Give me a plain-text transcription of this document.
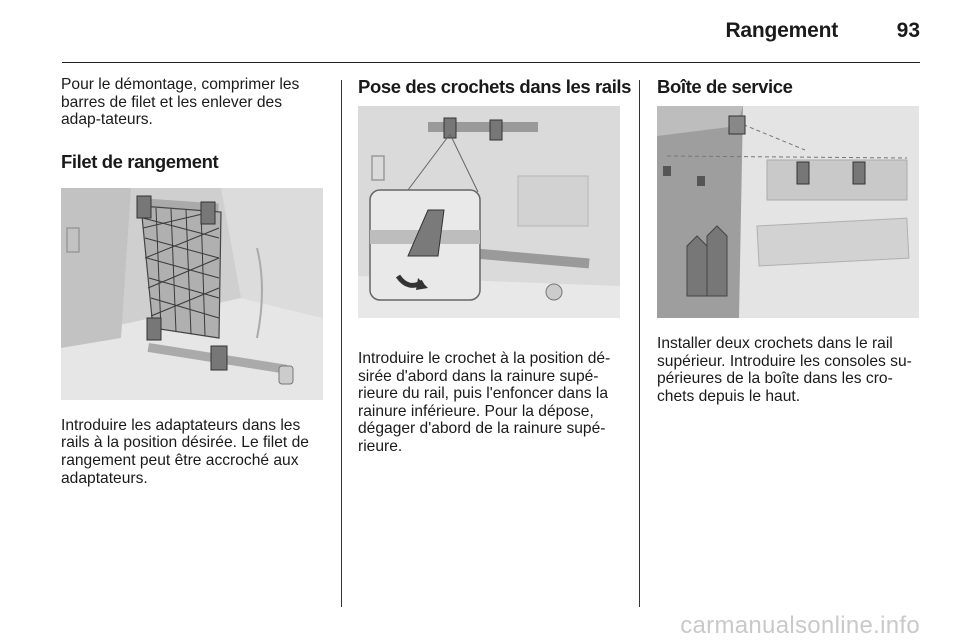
Rangement	93

Pour le démontage, comprimer les barres de filet et les enlever des adap-tateurs.

Filet de rangement

Introduire les adaptateurs dans les rails à la position désirée. Le filet de rangement peut être accroché aux adaptateurs.

Pose des crochets dans les rails

Introduire le crochet à la position dé-sirée d'abord dans la rainure supé-rieure du rail, puis l'enfoncer dans la rainure inférieure. Pour la dépose, dégager d'abord de la rainure supé-rieure.

Boîte de service

Installer deux crochets dans le rail supérieur. Introduire les consoles su-périeures de la boîte dans les cro-chets depuis le haut.

carmanualsonline.info
